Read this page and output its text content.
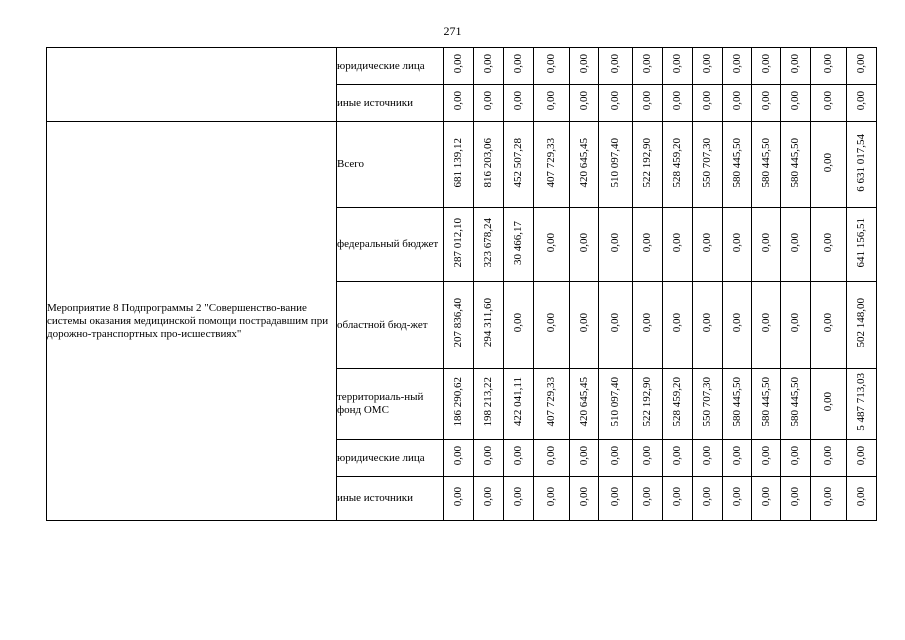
271
	юридические лица	0,00	0,00	0,00	0,00	0,00	0,00	0,00	0,00	0,00	0,00	0,00	0,00	0,00	0,00
	иные источники	0,00	0,00	0,00	0,00	0,00	0,00	0,00	0,00	0,00	0,00	0,00	0,00	0,00	0,00
Мероприятие 8 Подпрограммы 2 "Совершенство-вание системы оказания медицинской помощи пострадавшим при дорожно-транспортных про-исшествиях"	Всего	681 139,12	816 203,06	452 507,28	407 729,33	420 645,45	510 097,40	522 192,90	528 459,20	550 707,30	580 445,50	580 445,50	580 445,50	0,00	6 631 017,54
	федеральный бюджет	287 012,10	323 678,24	30 466,17	0,00	0,00	0,00	0,00	0,00	0,00	0,00	0,00	0,00	0,00	641 156,51
	областной бюд-жет	207 836,40	294 311,60	0,00	0,00	0,00	0,00	0,00	0,00	0,00	0,00	0,00	0,00	0,00	502 148,00
	территориаль-ный фонд ОМС	186 290,62	198 213,22	422 041,11	407 729,33	420 645,45	510 097,40	522 192,90	528 459,20	550 707,30	580 445,50	580 445,50	580 445,50	0,00	5 487 713,03
	юридические лица	0,00	0,00	0,00	0,00	0,00	0,00	0,00	0,00	0,00	0,00	0,00	0,00	0,00	0,00
	иные источники	0,00	0,00	0,00	0,00	0,00	0,00	0,00	0,00	0,00	0,00	0,00	0,00	0,00	0,00
